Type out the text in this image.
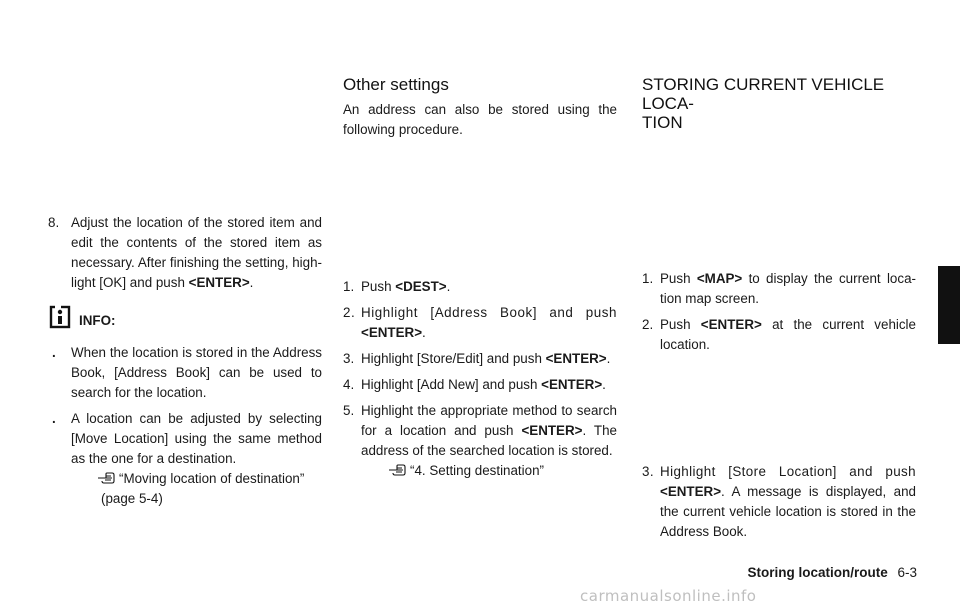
8. Adjust the location of the stored item and edit the contents of the stored item as necessary. After finishing the setting, high-light [OK] and push <ENTER>.

INFO:

. When the location is stored in the Address Book, [Address Book] can be used to search for the location.

. A location can be adjusted by selecting [Move Location] using the same method as the one for a destination.

“Moving location of destination”
(page 5-4)
Other settings

An address can also be stored using the following procedure.

1. Push <DEST>.

2. Highlight [Address Book] and push <ENTER>.

3. Highlight [Store/Edit] and push <ENTER>.

4. Highlight [Add New] and push <ENTER>.

5. Highlight the appropriate method to search for a location and push <ENTER>. The address of the searched location is stored.

“4. Setting destination”
STORING CURRENT VEHICLE LOCA-
TION

1. Push <MAP> to display the current loca-tion map screen.

2. Push <ENTER> at the current vehicle location.

3. Highlight [Store Location] and push <ENTER>. A message is displayed, and the current vehicle location is stored in the Address Book.

Storing location/route 6-3
carmanualsonline.info
